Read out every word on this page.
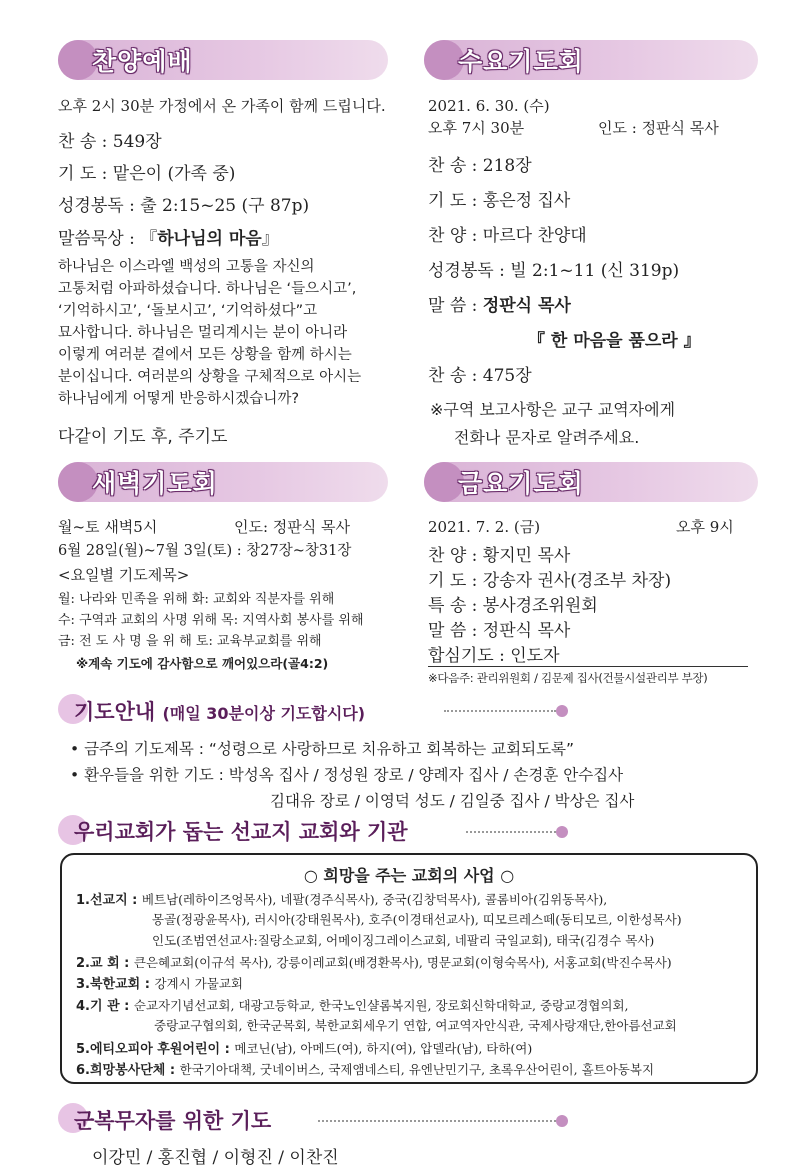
찬양예배
오후 2시 30분 가정에서 온 가족이 함께 드립니다.
찬 송 : 549장
기 도 : 맡은이 (가족 중)
성경봉독 : 출 2:15~25 (구 87p)
말씀묵상 : 『하나님의 마음』
하나님은 이스라엘 백성의 고통을 자신의
고통처럼 아파하셨습니다. 하나님은 ‘들으시고’,
‘기억하시고’, ‘돌보시고’, ‘기억하셨다”고
묘사합니다. 하나님은 멀리계시는 분이 아니라
이렇게 여러분 곁에서 모든 상황을 함께 하시는
분이십니다. 여러분의 상황을 구체적으로 아시는
하나님에게 어떻게 반응하시겠습니까?
다같이 기도 후, 주기도
수요기도회
2021. 6. 30. (수)
오후 7시 30분	인도 : 정판식 목사
찬 송 : 218장
기 도 : 홍은정 집사
찬 양 : 마르다 찬양대
성경봉독 : 빌 2:1~11 (신 319p)
말 씀 : 정판식 목사
『 한 마음을 품으라 』
찬 송 : 475장
※구역 보고사항은 교구 교역자에게
전화나 문자로 알려주세요.
새벽기도회
월~토 새벽5시	인도: 정판식 목사
6월 28일(월)~7월 3일(토) : 창27장~창31장
<요일별 기도제목>
월: 나라와 민족을 위해 화: 교회와 직분자를 위해
수: 구역과 교회의 사명 위해 목: 지역사회 봉사를 위해
금: 전 도 사 명 을 위 해 토: 교육부교회를 위해
※계속 기도에 감사함으로 깨어있으라(골4:2)
금요기도회
2021. 7. 2. (금)	오후 9시
찬 양 : 황지민 목사
기 도 : 강송자 권사(경조부 차장)
특 송 : 봉사경조위원회
말 씀 : 정판식 목사
합심기도 : 인도자
※다음주: 관리위원회 / 김문제 집사(건물시설관리부 부장)
기도안내 (매일 30분이상 기도합시다)
• 금주의 기도제목 : “성령으로 사랑하므로 치유하고 회복하는 교회되도록”
• 환우들을 위한 기도 : 박성옥 집사 / 정성원 장로 / 양례자 집사 / 손경훈 안수집사
김대유 장로 / 이영덕 성도 / 김일중 집사 / 박상은 집사
우리교회가 돕는 선교지 교회와 기관
○ 희망을 주는 교회의 사업 ○
1.선교지 : 베트남(레하이즈엉목사), 네팔(경주식목사), 중국(김창덕목사), 콜롬비아(김위동목사),
몽골(정광윤목사), 러시아(강태원목사), 호주(이경태선교사), 띠모르레스떼(동티모르, 이한성목사)
인도(조범연선교사:질랑소교회, 어메이징그레이스교회, 네팔리 국일교회), 태국(김경수 목사)
2.교 회 : 큰은혜교회(이규석 목사), 강릉이레교회(배경환목사), 명문교회(이형숙목사), 서홍교회(박진수목사)
3.북한교회 : 강계시 가물교회
4.기 관 : 순교자기념선교회, 대광고등학교, 한국노인샬롬복지원, 장로회신학대학교, 중랑교경협의회,
중랑교구협의회, 한국군목회, 북한교회세우기 연합, 여교역자안식관, 국제사랑재단,한아름선교회
5.에티오피아 후원어린이 : 메코닌(남), 아메드(여), 하지(여), 압델라(남), 타하(여)
6.희망봉사단체 : 한국기아대책, 굿네이버스, 국제앰네스티, 유엔난민기구, 초록우산어린이, 홀트아동복지
군복무자를 위한 기도
이강민 / 홍진협 / 이형진 / 이찬진
